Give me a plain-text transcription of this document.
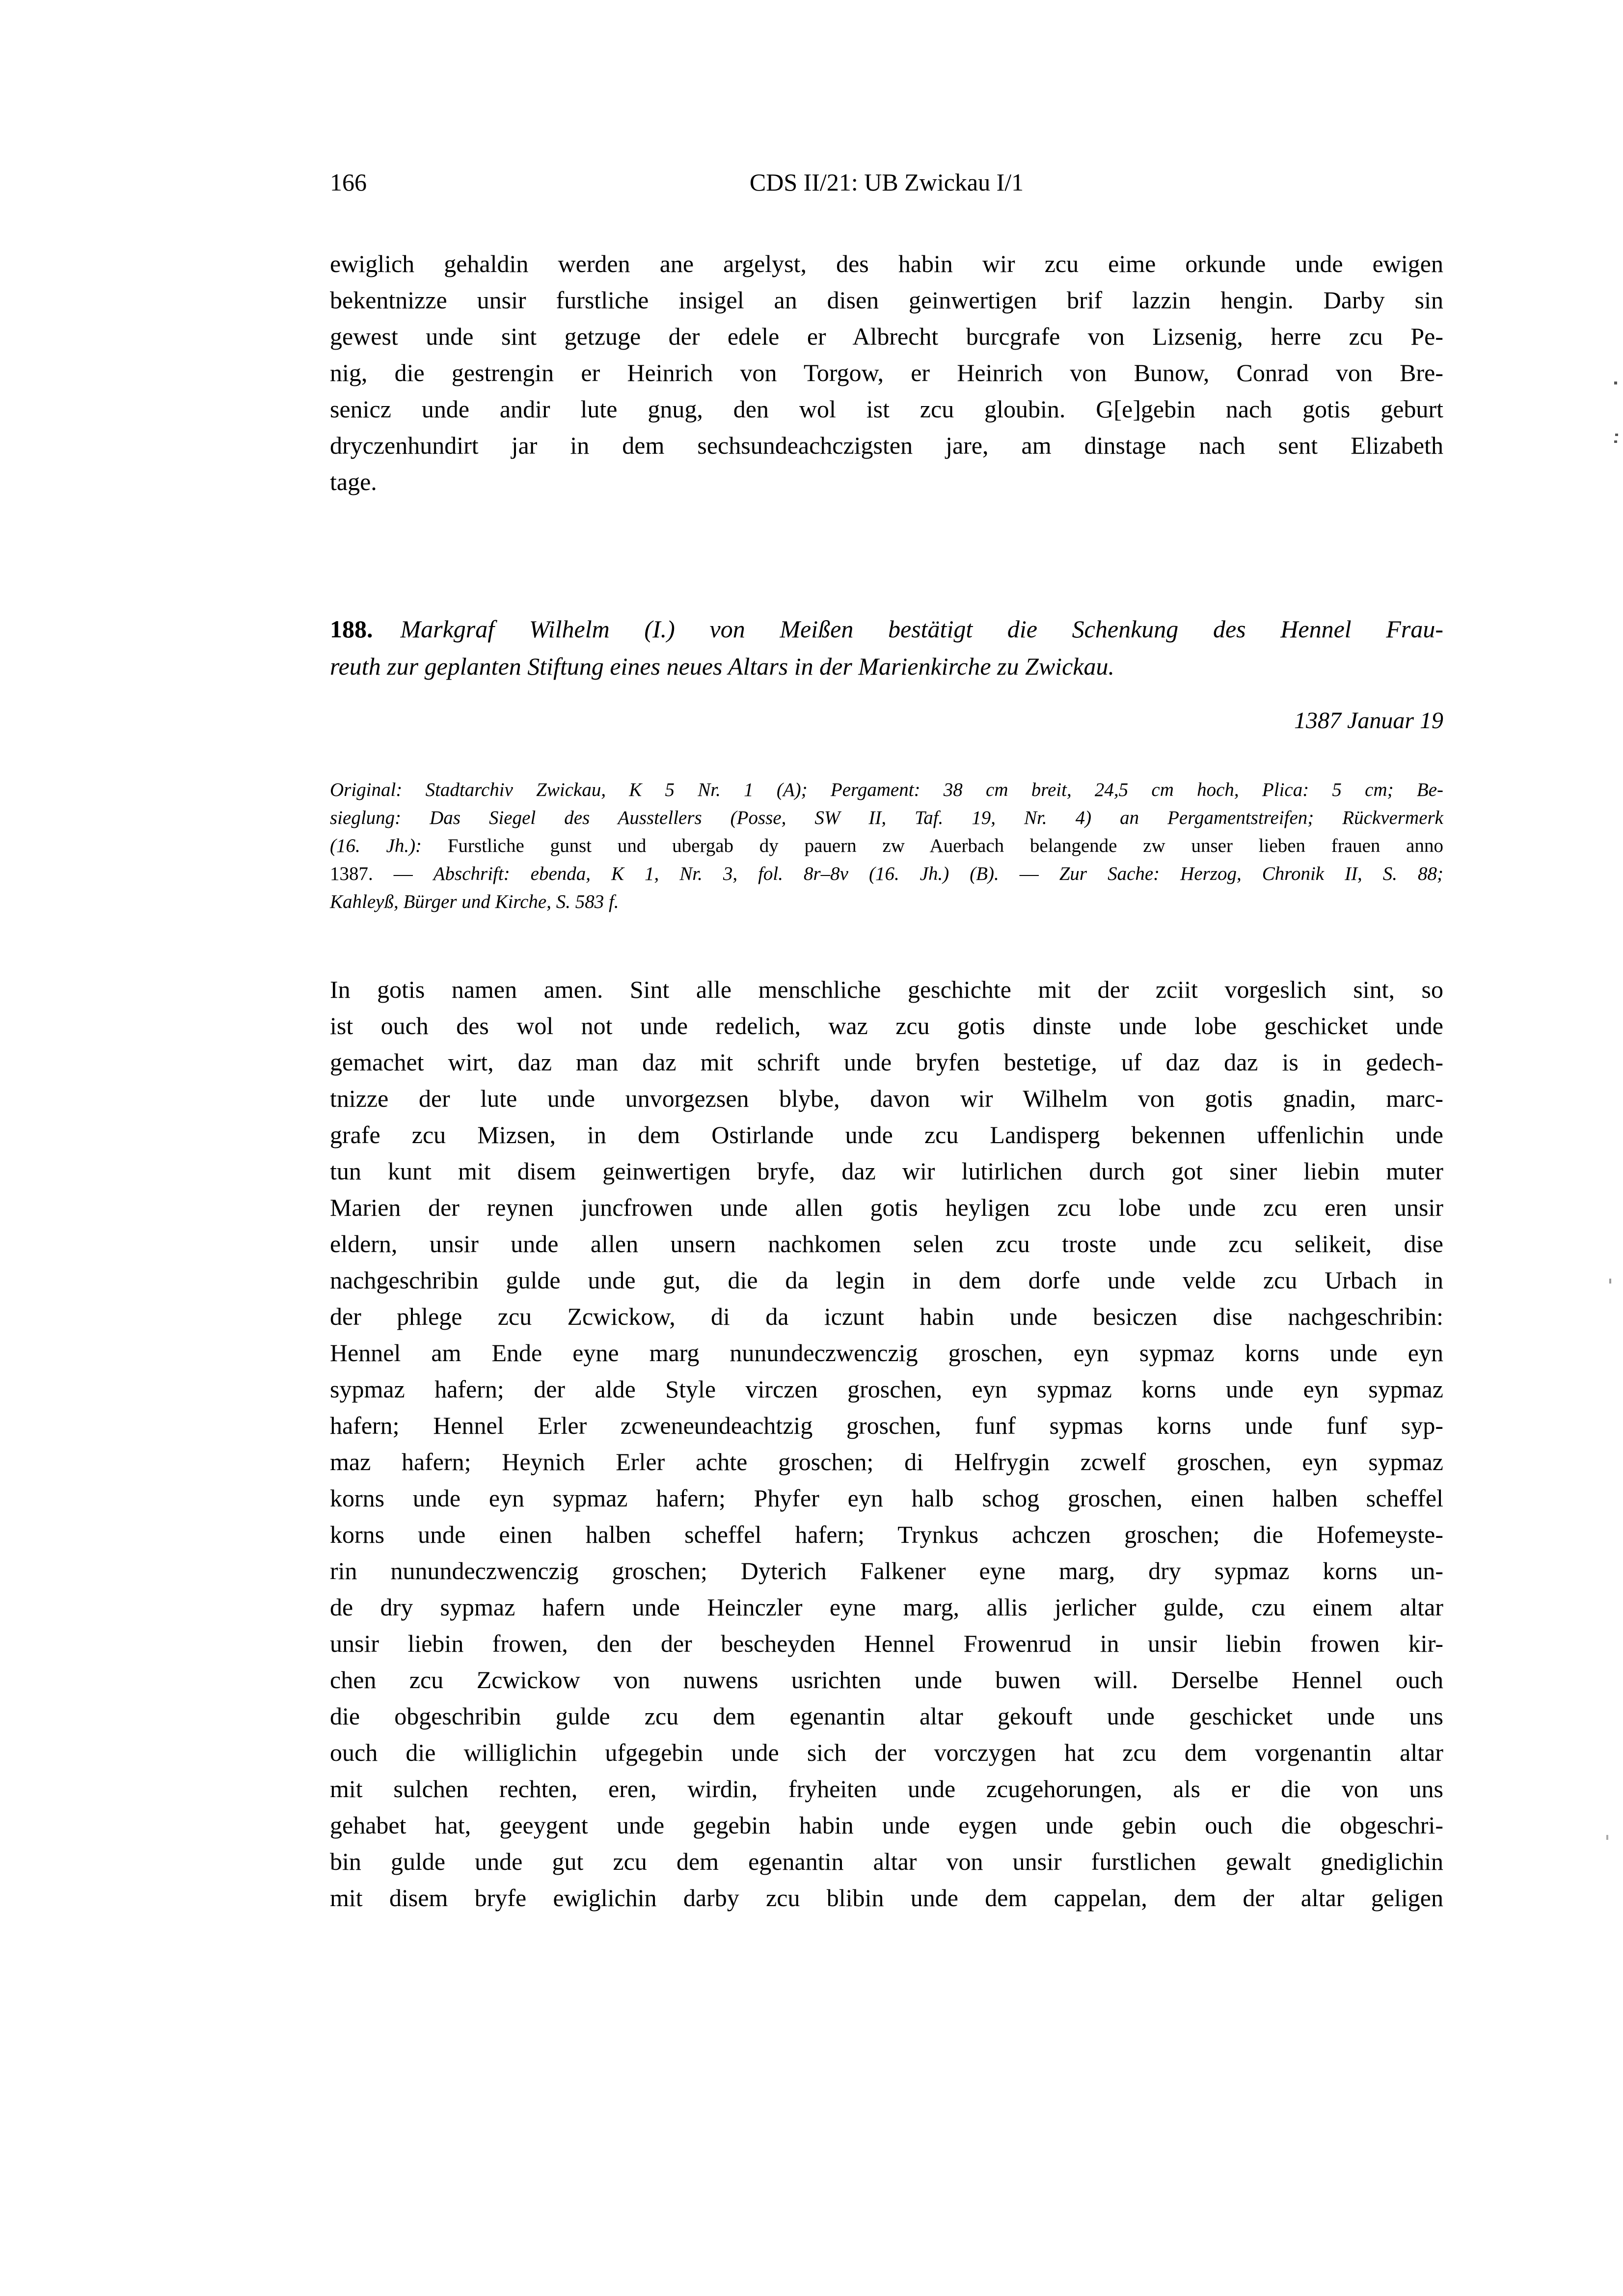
166	CDS II/21: UB Zwickau I/1
ewiglich gehaldin werden ane argelyst, des habin wir zcu eime orkunde unde ewigen
bekentnizze unsir furstliche insigel an disen geinwertigen brif lazzin hengin. Darby sin
gewest unde sint getzuge der edele er Albrecht burcgrafe von Lizsenig, herre zcu Pe-
nig, die gestrengin er Heinrich von Torgow, er Heinrich von Bunow, Conrad von Bre-
senicz unde andir lute gnug, den wol ist zcu gloubin. G[e]gebin nach gotis geburt
dryczenhundirt jar in dem sechsundeachczigsten jare, am dinstage nach sent Elizabeth
tage.
188. Markgraf Wilhelm (I.) von Meißen bestätigt die Schenkung des Hennel Frau-
reuth zur geplanten Stiftung eines neues Altars in der Marienkirche zu Zwickau.
1387 Januar 19
Original: Stadtarchiv Zwickau, K 5 Nr. 1 (A); Pergament: 38 cm breit, 24,5 cm hoch, Plica: 5 cm; Be-
sieglung: Das Siegel des Ausstellers (Posse, SW II, Taf. 19, Nr. 4) an Pergamentstreifen; Rückvermerk
(16. Jh.): Furstliche gunst und ubergab dy pauern zw Auerbach belangende zw unser lieben frauen anno
1387. — Abschrift: ebenda, K 1, Nr. 3, fol. 8r–8v (16. Jh.) (B). — Zur Sache: Herzog, Chronik II, S. 88;
Kahleyß, Bürger und Kirche, S. 583 f.
In gotis namen amen. Sint alle menschliche geschichte mit der zciit vorgeslich sint, so
ist ouch des wol not unde redelich, waz zcu gotis dinste unde lobe geschicket unde
gemachet wirt, daz man daz mit schrift unde bryfen bestetige, uf daz daz is in gedech-
tnizze der lute unde unvorgezsen blybe, davon wir Wilhelm von gotis gnadin, marc-
grafe zcu Mizsen, in dem Ostirlande unde zcu Landisperg bekennen uffenlichin unde
tun kunt mit disem geinwertigen bryfe, daz wir lutirlichen durch got siner liebin muter
Marien der reynen juncfrowen unde allen gotis heyligen zcu lobe unde zcu eren unsir
eldern, unsir unde allen unsern nachkomen selen zcu troste unde zcu selikeit, dise
nachgeschribin gulde unde gut, die da legin in dem dorfe unde velde zcu Urbach in
der phlege zcu Zcwickow, di da iczunt habin unde besiczen dise nachgeschribin:
Hennel am Ende eyne marg nunundeczwenczig groschen, eyn sypmaz korns unde eyn
sypmaz hafern; der alde Style virczen groschen, eyn sypmaz korns unde eyn sypmaz
hafern; Hennel Erler zcweneundeachtzig groschen, funf sypmas korns unde funf syp-
maz hafern; Heynich Erler achte groschen; di Helfrygin zcwelf groschen, eyn sypmaz
korns unde eyn sypmaz hafern; Phyfer eyn halb schog groschen, einen halben scheffel
korns unde einen halben scheffel hafern; Trynkus achczen groschen; die Hofemeyste-
rin nunundeczwenczig groschen; Dyterich Falkener eyne marg, dry sypmaz korns un-
de dry sypmaz hafern unde Heinczler eyne marg, allis jerlicher gulde, czu einem altar
unsir liebin frowen, den der bescheyden Hennel Frowenrud in unsir liebin frowen kir-
chen zcu Zcwickow von nuwens usrichten unde buwen will. Derselbe Hennel ouch
die obgeschribin gulde zcu dem egenantin altar gekouft unde geschicket unde uns
ouch die williglichin ufgegebin unde sich der vorczygen hat zcu dem vorgenantin altar
mit sulchen rechten, eren, wirdin, fryheiten unde zcugehorungen, als er die von uns
gehabet hat, geeygent unde gegebin habin unde eygen unde gebin ouch die obgeschri-
bin gulde unde gut zcu dem egenantin altar von unsir furstlichen gewalt gnediglichin
mit disem bryfe ewiglichin darby zcu blibin unde dem cappelan, dem der altar geligen
